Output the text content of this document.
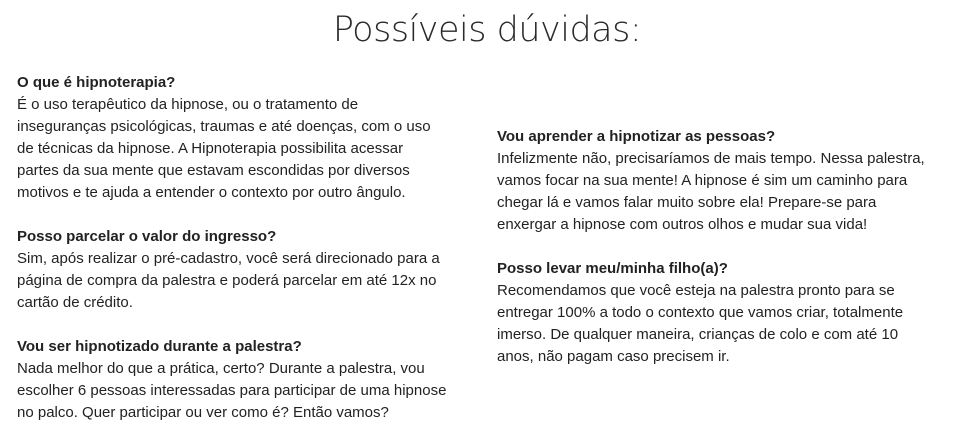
Possíveis dúvidas:

O que é hipnoterapia?

É o uso terapêutico da hipnose, ou o tratamento de
inseguranças psicológicas, traumas e até doenças, com o uso
de técnicas da hipnose. A Hipnoterapia possibilita acessar
partes da sua mente que estavam escondidas por diversos
motivos e te ajuda a entender o contexto por outro ângulo.

Posso parcelar o valor do ingresso?

Sim, após realizar o pré-cadastro, você será direcionado para a
página de compra da palestra e poderá parcelar em até 12x no
cartão de crédito.

Vou ser hipnotizado durante a palestra?

Nada melhor do que a prática, certo? Durante a palestra, vou
escolher 6 pessoas interessadas para participar de uma hipnose
no palco. Quer participar ou ver como é? Então vamos?

Vou aprender a hipnotizar as pessoas?

Infelizmente não, precisaríamos de mais tempo. Nessa palestra,
vamos focar na sua mente! A hipnose é sim um caminho para
chegar lá e vamos falar muito sobre ela! Prepare-se para
enxergar a hipnose com outros olhos e mudar sua vida!

Posso levar meu/minha filho(a)?

Recomendamos que você esteja na palestra pronto para se
entregar 100% a todo o contexto que vamos criar, totalmente
imerso. De qualquer maneira, crianças de colo e com até 10
anos, não pagam caso precisem ir.
